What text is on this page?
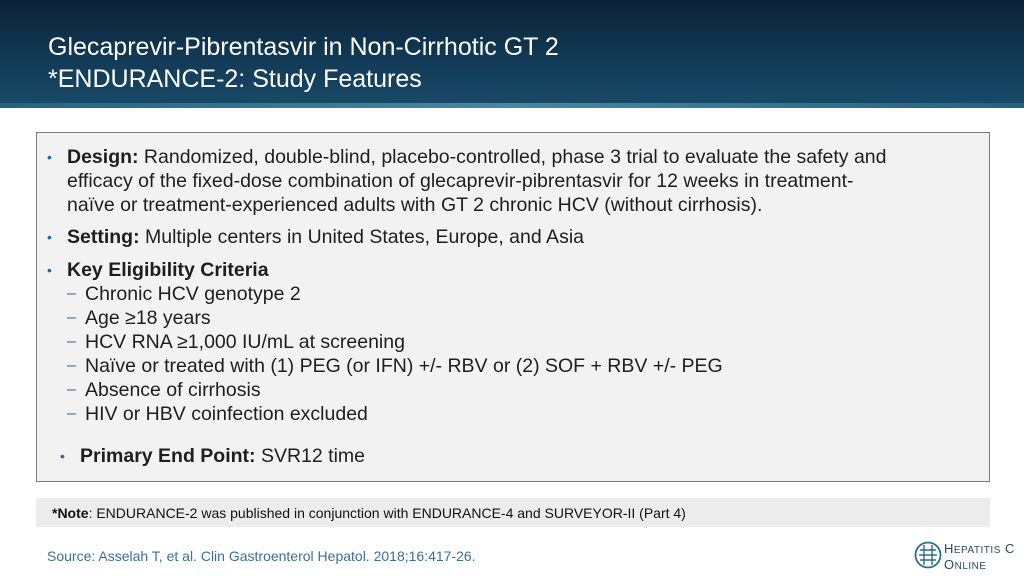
Glecaprevir-Pibrentasvir in Non-Cirrhotic GT 2
*ENDURANCE-2: Study Features
• Design: Randomized, double-blind, placebo-controlled, phase 3 trial to evaluate the safety and
efficacy of the fixed-dose combination of glecaprevir-pibrentasvir for 12 weeks in treatment-
naïve or treatment-experienced adults with GT 2 chronic HCV (without cirrhosis).
• Setting: Multiple centers in United States, Europe, and Asia
• Key Eligibility Criteria
– Chronic HCV genotype 2
– Age ≥18 years
– HCV RNA ≥1,000 IU/mL at screening
– Naïve or treated with (1) PEG (or IFN) +/- RBV or (2) SOF + RBV +/- PEG
– Absence of cirrhosis
– HIV or HBV coinfection excluded
• Primary End Point: SVR12 time
*Note: ENDURANCE-2 was published in conjunction with ENDURANCE-4 and SURVEYOR-II (Part 4)
Source: Asselah T, et al. Clin Gastroenterol Hepatol. 2018;16:417-26.	HEPATITIS C
ONLINE
